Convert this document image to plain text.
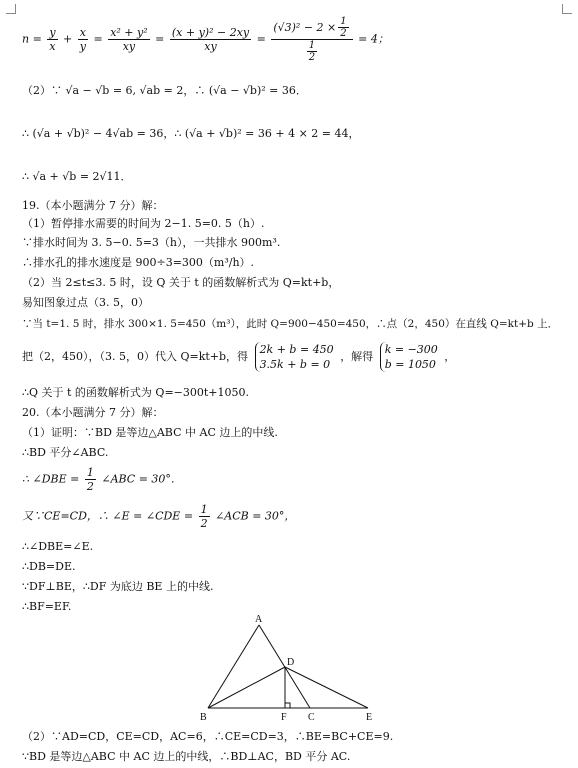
$n = \frac{y}{x} + \frac{x}{y} = \frac{\text{x² + y²}}{xy} = \frac{\text{(x + y)² − 2xy}}{xy} = \frac{(√3)^2 - 2 \times \frac{1}{2}}{\frac{1}{2}} = 4$；
（2）∵ √a − √b = 6, √ab = 2，∴ (√a − √b)² = 36．
∴ (√a + √b)² − 4√ab = 36，∴ (√a + √b)² = 36 + 4 × 2 = 44，
∴ √a + √b = 2√11．
19.（本小题满分 7 分）解：
（1）暂停排水需要的时间为 2−1. 5=0. 5（h）.
∵排水时间为 3. 5−0. 5=3（h），一共排水 900m³.
∴排水孔的排水速度是 900÷3=300（m³/h）.
（2）当 2≤t≤3. 5 时，设 Q 关于 t 的函数解析式为 Q=kt+b，
易知图象过点（3. 5，0）
∵当 t=1. 5 时，排水 300×1. 5=450（m³），此时 Q=900−450=450，∴点（2，450）在直线 Q=kt+b 上．
把（2，450），（3. 5，0）代入 Q=kt+b，得
2k + b = 450
3.5k + b = 0
，解得
k = −300
b = 1050
，
∴Q 关于 t 的函数解析式为 Q=−300t+1050.
20.（本小题满分 7 分）解：
（1）证明：∵BD 是等边△ABC 中 AC 边上的中线.
∴BD 平分∠ABC.
∴ ∠DBE = $\frac{1}{2}$ ∠ABC = 30°．
又∵CE=CD，∴ ∠E = ∠CDE = $\frac{1}{2}$ ∠ACB = 30°，
∴∠DBE=∠E.
∴DB=DE.
∵DF⊥BE，∴DF 为底边 BE 上的中线.
∴BF=EF.
A
B	C
D
E
F
（2）∵AD=CD，CE=CD，AC=6，∴CE=CD=3，∴BE=BC+CE=9.
∵BD 是等边△ABC 中 AC 边上的中线，∴BD⊥AC，BD 平分 AC.
